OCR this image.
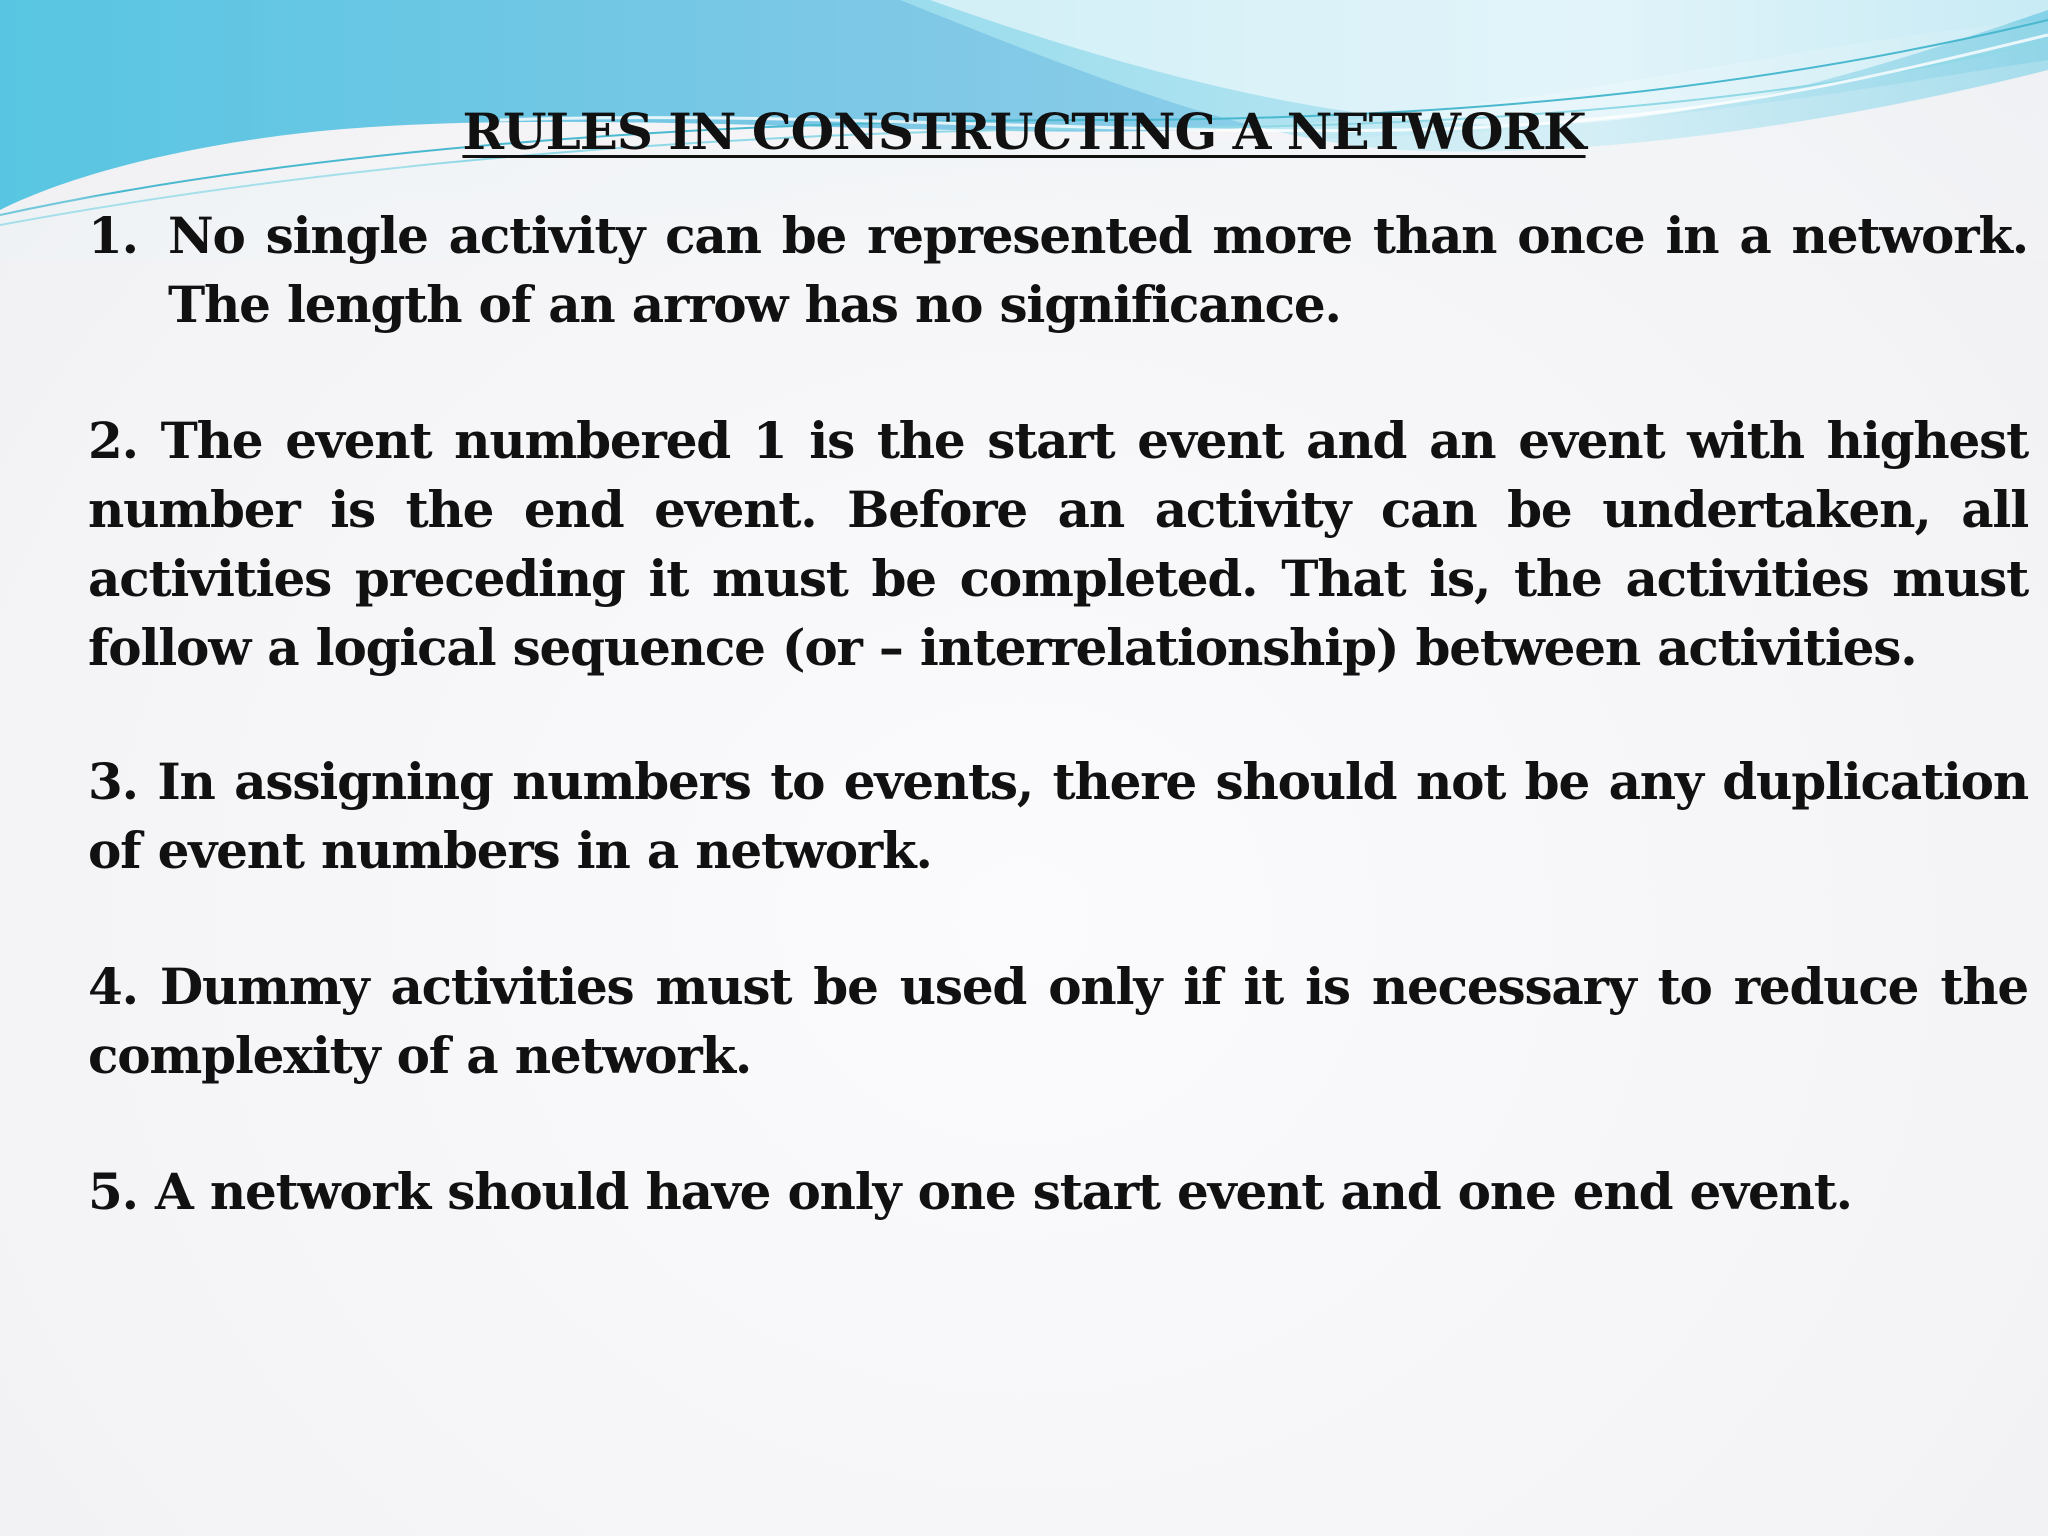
RULES IN CONSTRUCTING A NETWORK
1. No single activity can be represented more than once in a network. The length of an arrow has no significance.
2. The event numbered 1 is the start event and an event with highest number is the end event. Before an activity can be undertaken, all activities preceding it must be completed. That is, the activities must follow a logical sequence (or – interrelationship) between activities.
3. In assigning numbers to events, there should not be any duplication of event numbers in a network.
4. Dummy activities must be used only if it is necessary to reduce the complexity of a network.
5. A network should have only one start event and one end event.
